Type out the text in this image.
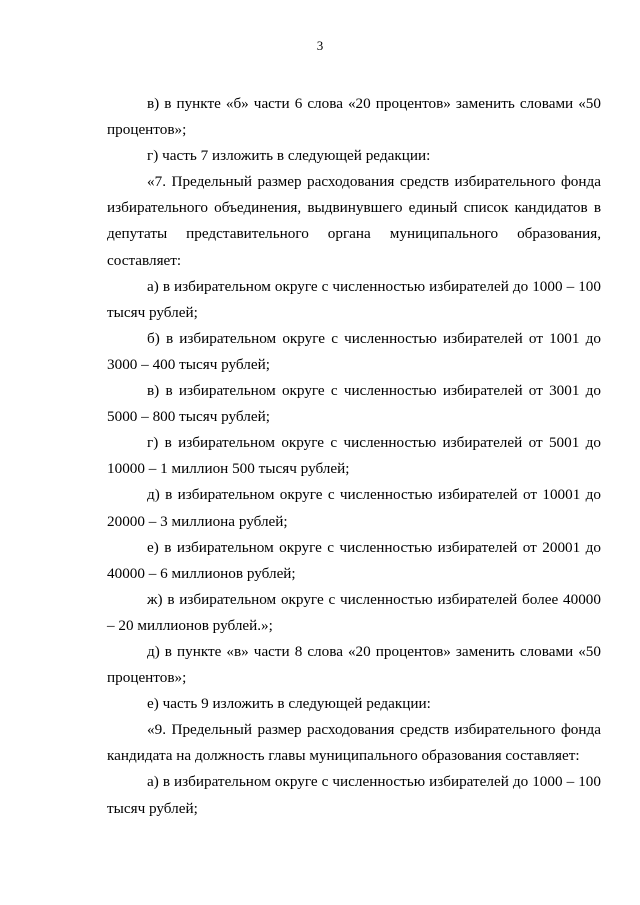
3

в) в пункте «б» части 6 слова «20 процентов» заменить словами «50 процентов»;

г) часть 7 изложить в следующей редакции:

«7. Предельный размер расходования средств избирательного фонда избирательного объединения, выдвинувшего единый список кандидатов в депутаты представительного органа муниципального образования, составляет:

а) в избирательном округе с численностью избирателей до 1000 – 100 тысяч рублей;

б) в избирательном округе с численностью избирателей от 1001 до 3000 – 400 тысяч рублей;

в) в избирательном округе с численностью избирателей от 3001 до 5000 – 800 тысяч рублей;

г) в избирательном округе с численностью избирателей от 5001 до 10000 – 1 миллион 500 тысяч рублей;

д) в избирательном округе с численностью избирателей от 10001 до 20000 – 3 миллиона рублей;

е) в избирательном округе с численностью избирателей от 20001 до 40000 – 6 миллионов рублей;

ж) в избирательном округе с численностью избирателей более 40000 – 20 миллионов рублей.»;

д) в пункте «в» части 8 слова «20 процентов» заменить словами «50 процентов»;

е) часть 9 изложить в следующей редакции:

«9. Предельный размер расходования средств избирательного фонда кандидата на должность главы муниципального образования составляет:

а) в избирательном округе с численностью избирателей до 1000 – 100 тысяч рублей;
